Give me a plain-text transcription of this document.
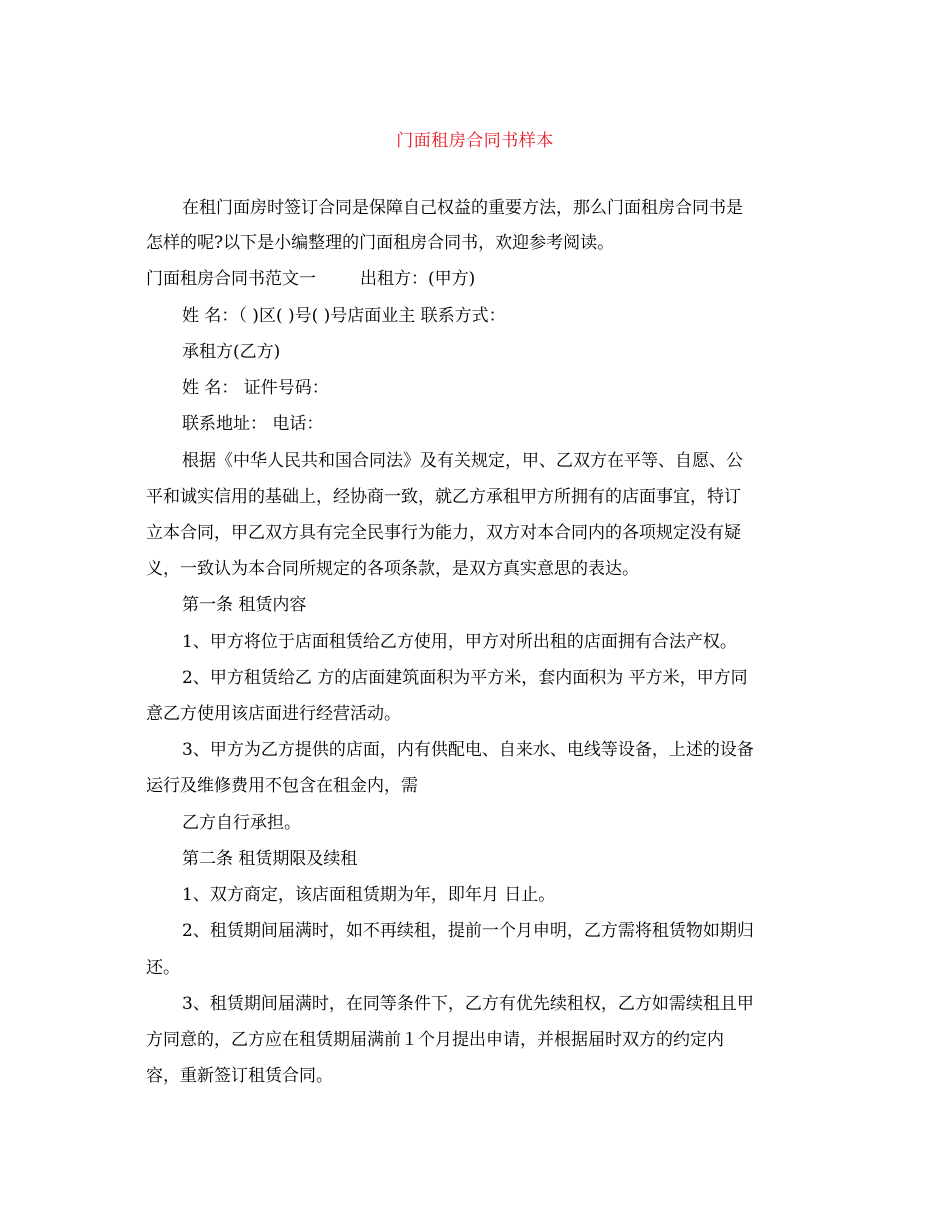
门面租房合同书样本
在租门面房时签订合同是保障自己权益的重要方法，那么门面租房合同书是
怎样的呢?以下是小编整理的门面租房合同书，欢迎参考阅读。
门面租房合同书范文一	出租方：(甲方)
姓 名：（ )区( )号( )号店面业主 联系方式：
承租方(乙方)
姓 名： 证件号码：
联系地址： 电话：
根据《中华人民共和国合同法》及有关规定，甲、乙双方在平等、自愿、公
平和诚实信用的基础上，经协商一致，就乙方承租甲方所拥有的店面事宜，特订
立本合同，甲乙双方具有完全民事行为能力，双方对本合同内的各项规定没有疑
义，一致认为本合同所规定的各项条款，是双方真实意思的表达。
第一条 租赁内容
1、甲方将位于店面租赁给乙方使用，甲方对所出租的店面拥有合法产权。
2、甲方租赁给乙 方的店面建筑面积为平方米，套内面积为 平方米，甲方同
意乙方使用该店面进行经营活动。
3、甲方为乙方提供的店面，内有供配电、自来水、电线等设备，上述的设备
运行及维修费用不包含在租金内，需
乙方自行承担。
第二条 租赁期限及续租
1、双方商定，该店面租赁期为年，即年月 日止。
2、租赁期间届满时，如不再续租，提前一个月申明，乙方需将租赁物如期归
还。
3、租赁期间届满时，在同等条件下，乙方有优先续租权，乙方如需续租且甲
方同意的，乙方应在租赁期届满前１个月提出申请，并根据届时双方的约定内
容，重新签订租赁合同。
